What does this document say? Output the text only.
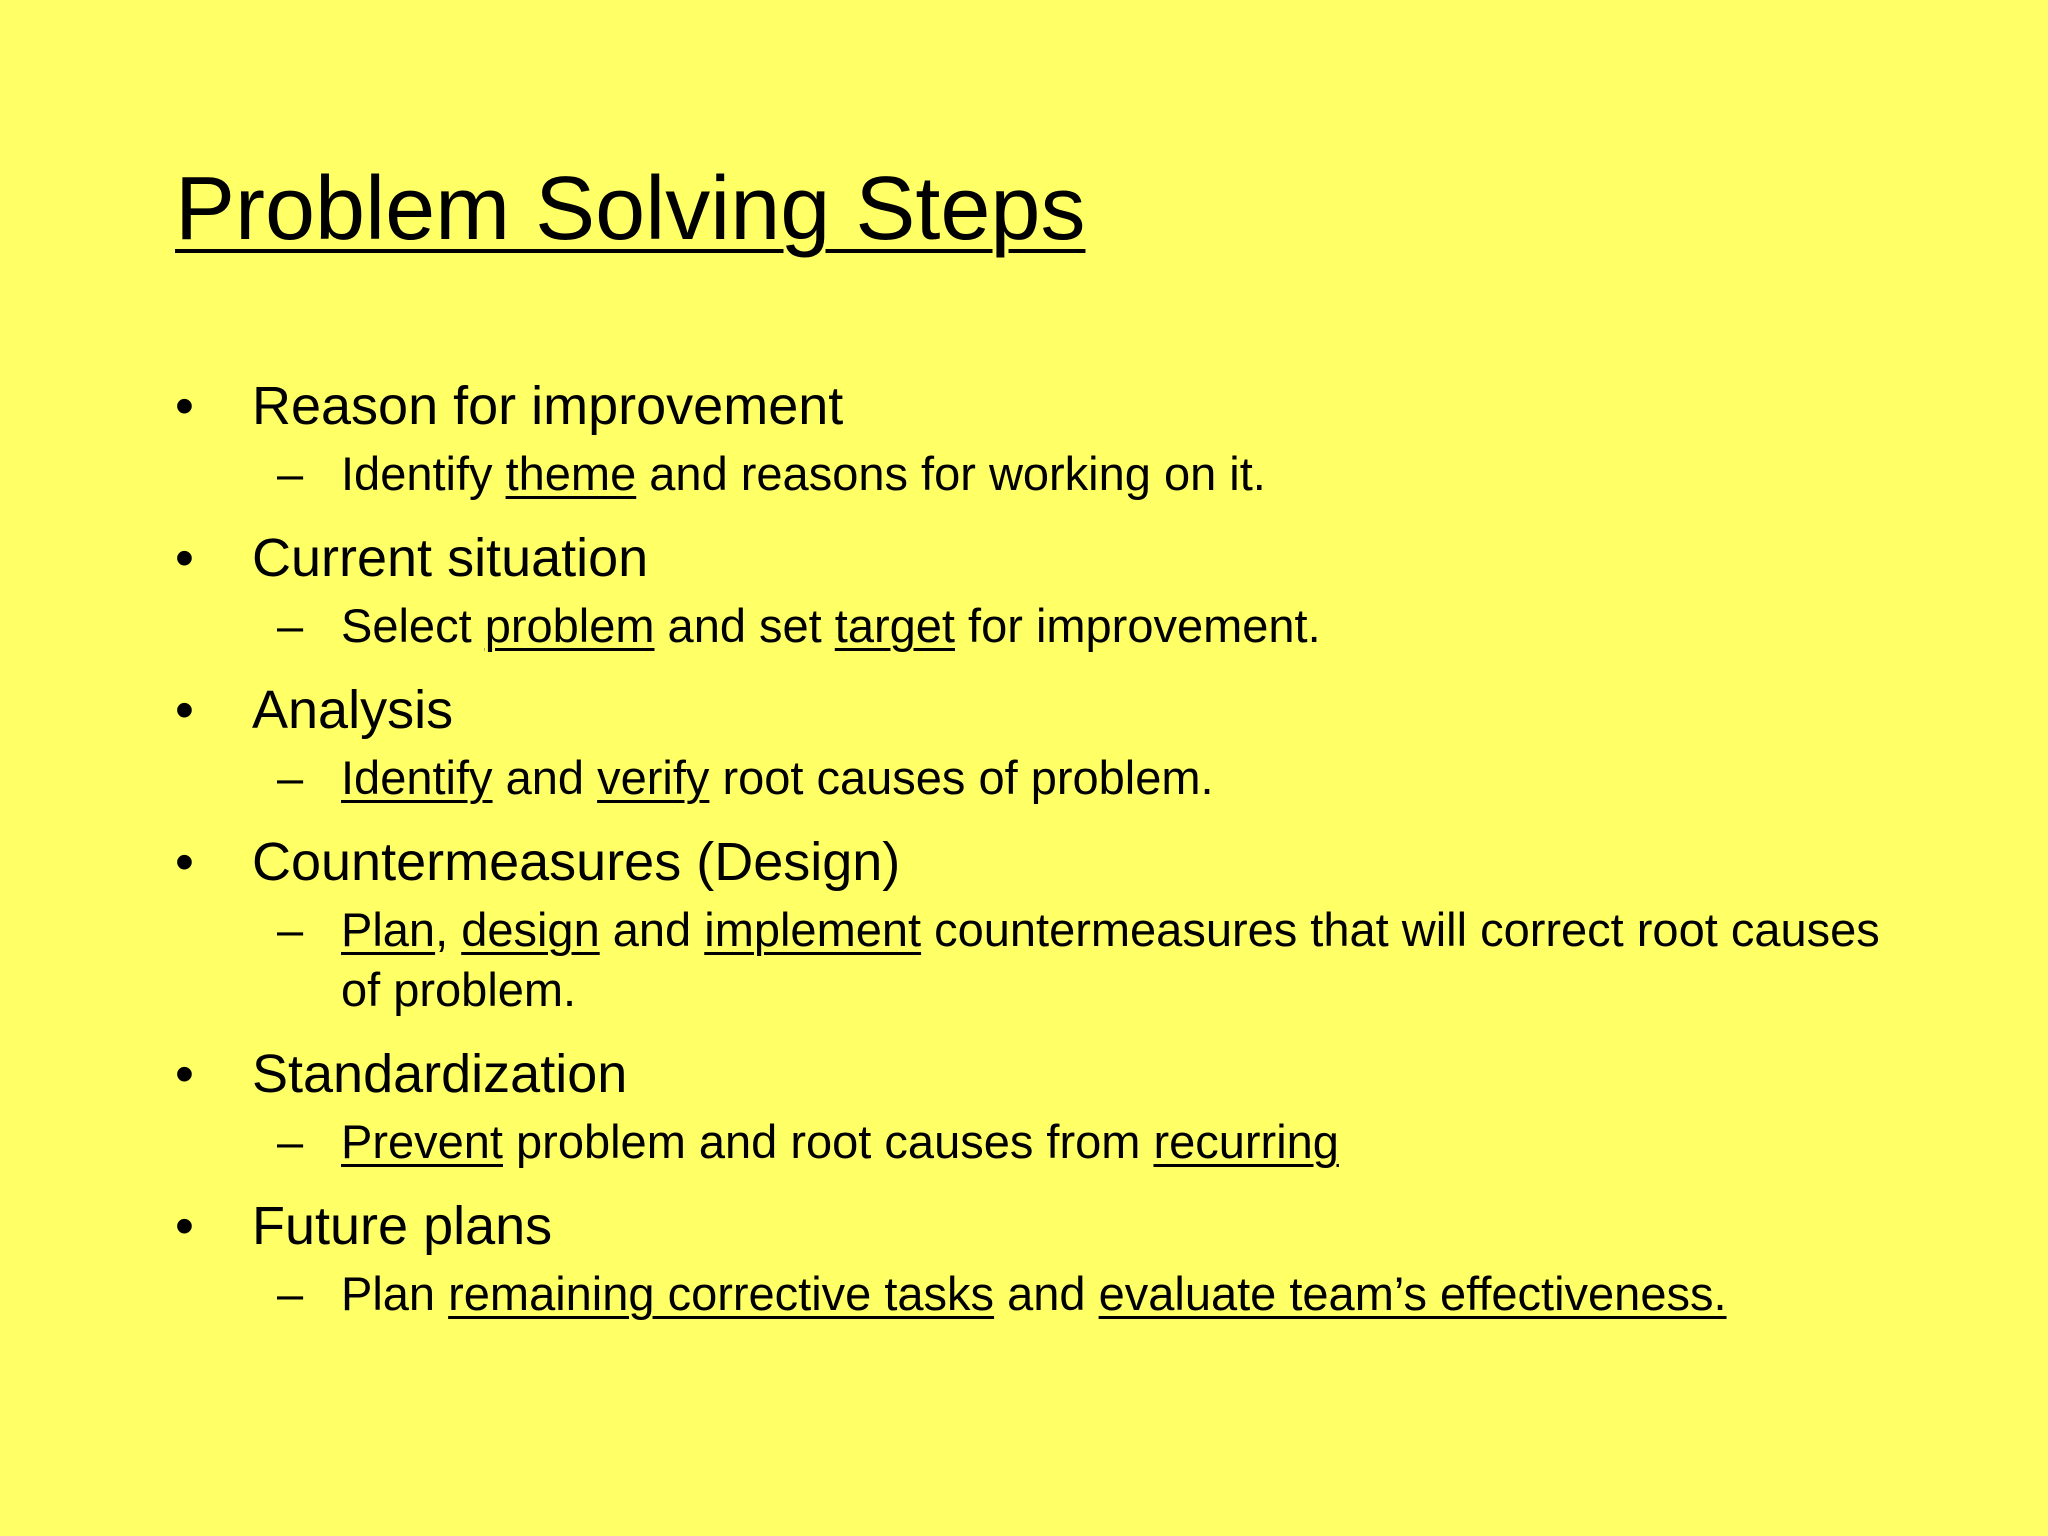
Problem Solving Steps
• Reason for improvement
– Identify theme and reasons for working on it.
• Current situation
– Select problem and set target for improvement.
• Analysis
– Identify and verify root causes of problem.
• Countermeasures (Design)
– Plan, design and implement countermeasures that will correct root causes of problem.
• Standardization
– Prevent problem and root causes from recurring
• Future plans
– Plan remaining corrective tasks and evaluate team’s effectiveness.
